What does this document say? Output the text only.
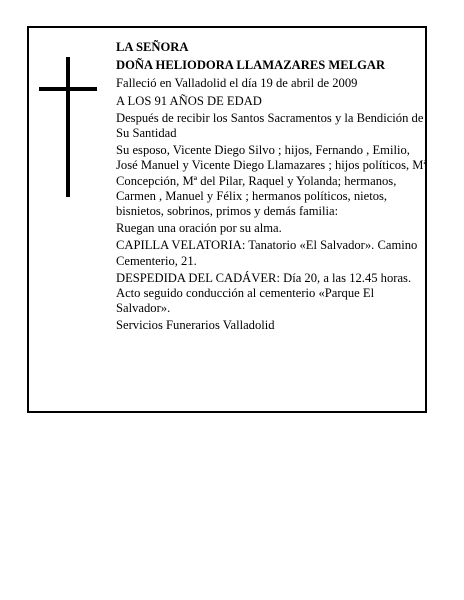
LA SEÑORA

DOÑA HELIODORA LLAMAZARES MELGAR

Falleció en Valladolid el día 19 de abril de 2009

A LOS 91 AÑOS DE EDAD

Después de recibir los Santos Sacramentos y la Bendición de Su Santidad

Su esposo, Vicente Diego Silvo ; hijos, Fernando , Emilio, José Manuel y Vicente Diego Llamazares ; hijos políticos, Mª Concepción, Mª del Pilar, Raquel y Yolanda; hermanos, Carmen , Manuel y Félix ; hermanos políticos, nietos, bisnietos, sobrinos, primos y demás familia:

Ruegan una oración por su alma.

CAPILLA VELATORIA: Tanatorio «El Salvador». Camino Cementerio, 21.

DESPEDIDA DEL CADÁVER: Día 20, a las 12.45 horas. Acto seguido conducción al cementerio «Parque El Salvador».

Servicios Funerarios Valladolid
